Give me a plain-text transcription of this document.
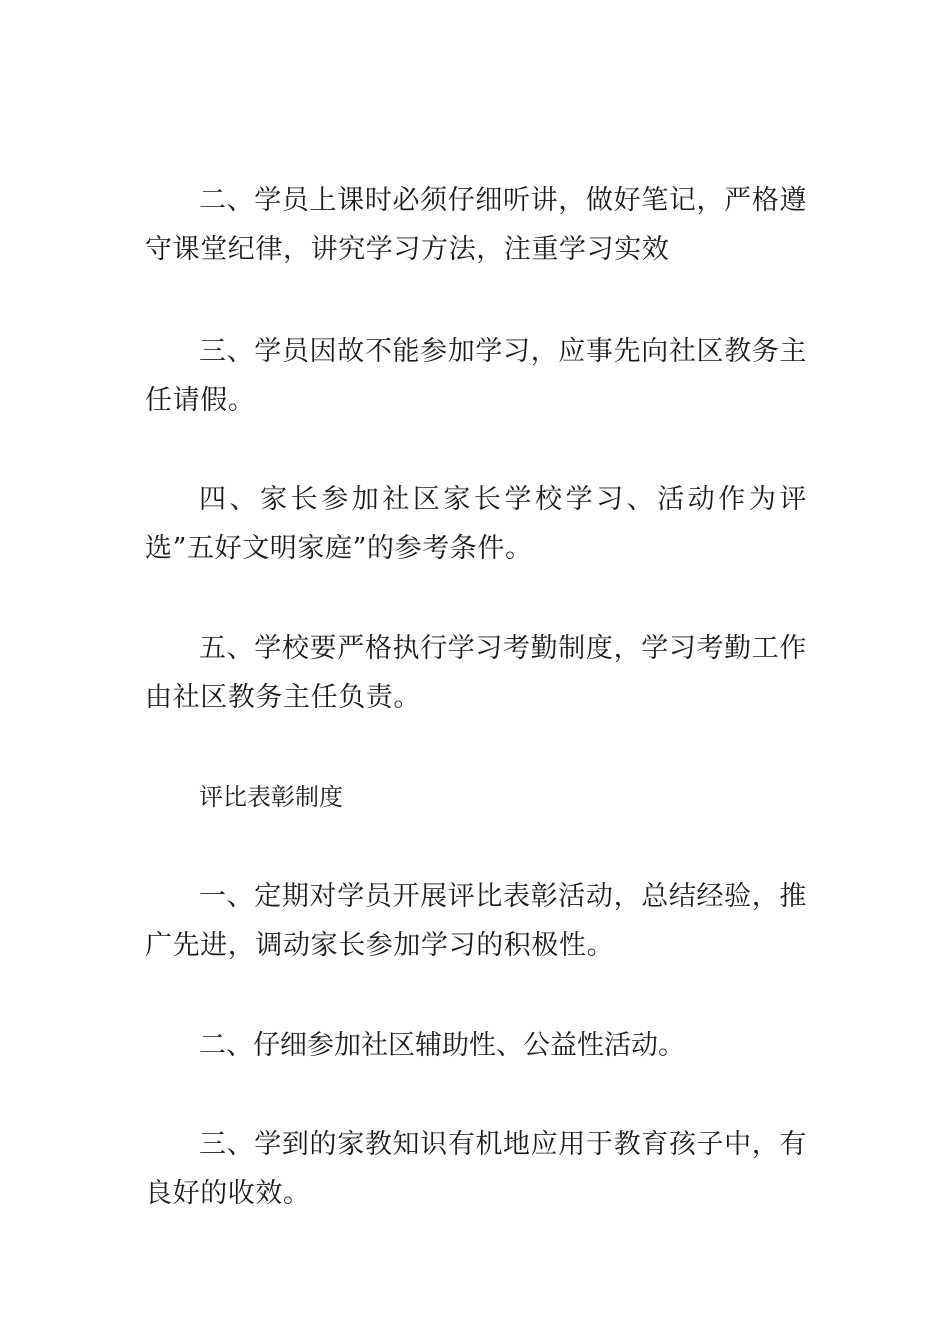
二、学员上课时必须仔细听讲，做好笔记，严格遵守课堂纪律，讲究学习方法，注重学习实效

三、学员因故不能参加学习，应事先向社区教务主任请假。

四、家长参加社区家长学校学习、活动作为评选”五好文明家庭”的参考条件。

五、学校要严格执行学习考勤制度，学习考勤工作由社区教务主任负责。

评比表彰制度

一、定期对学员开展评比表彰活动，总结经验，推广先进，调动家长参加学习的积极性。

二、仔细参加社区辅助性、公益性活动。

三、学到的家教知识有机地应用于教育孩子中，有良好的收效。
